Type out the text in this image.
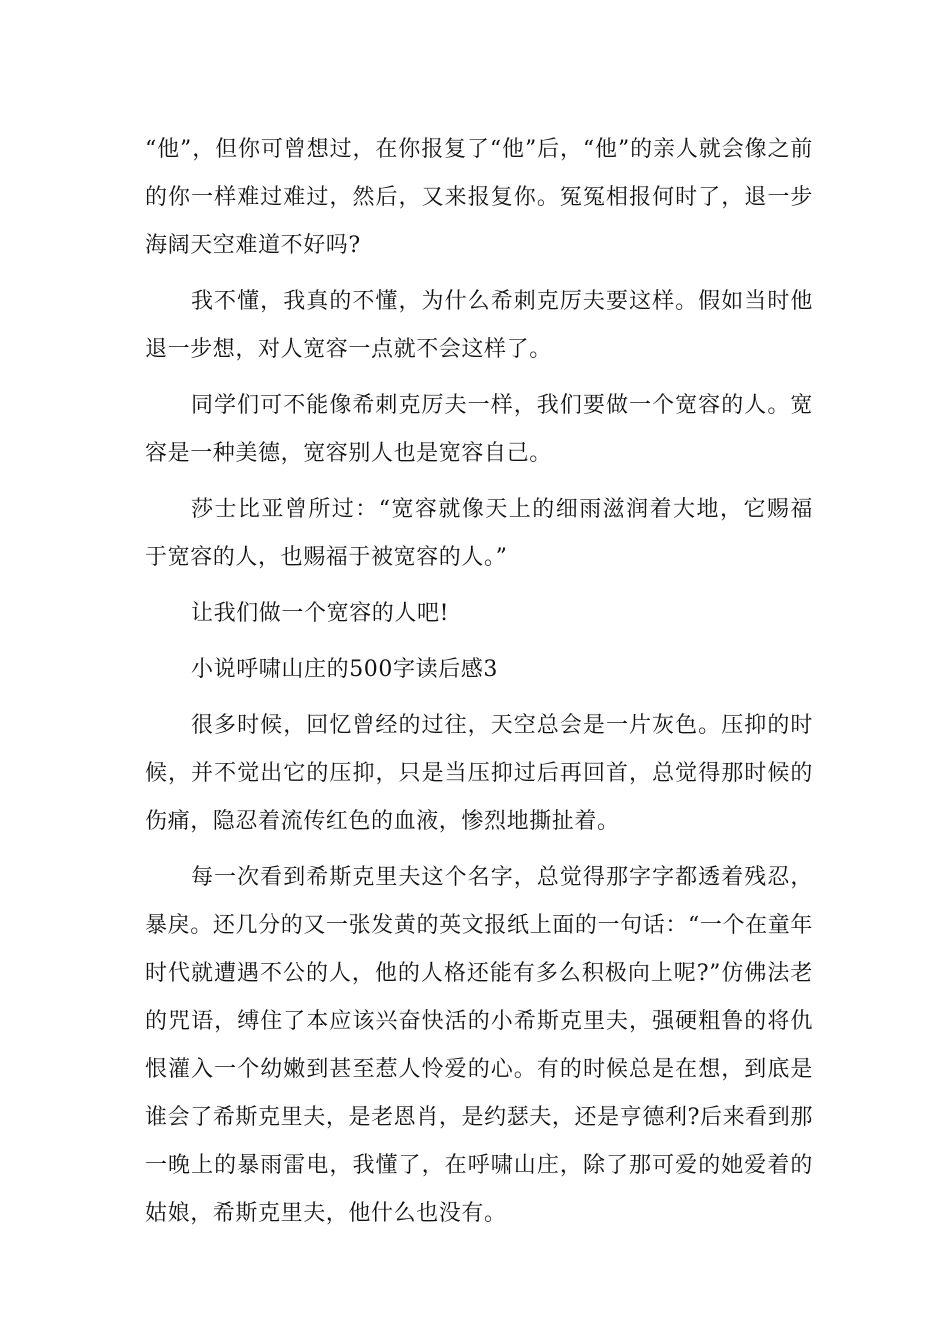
“他”，但你可曾想过，在你报复了“他”后，“他”的亲人就会像之前的你一样难过难过，然后，又来报复你。冤冤相报何时了，退一步海阔天空难道不好吗?

我不懂，我真的不懂，为什么希刺克厉夫要这样。假如当时他退一步想，对人宽容一点就不会这样了。

同学们可不能像希刺克厉夫一样，我们要做一个宽容的人。宽容是一种美德，宽容别人也是宽容自己。

莎士比亚曾所过：“宽容就像天上的细雨滋润着大地，它赐福于宽容的人，也赐福于被宽容的人。”

让我们做一个宽容的人吧!

小说呼啸山庄的500字读后感3

很多时候，回忆曾经的过往，天空总会是一片灰色。压抑的时候，并不觉出它的压抑，只是当压抑过后再回首，总觉得那时候的伤痛，隐忍着流传红色的血液，惨烈地撕扯着。

每一次看到希斯克里夫这个名字，总觉得那字字都透着残忍，暴戾。还几分的又一张发黄的英文报纸上面的一句话：“一个在童年时代就遭遇不公的人，他的人格还能有多么积极向上呢?”仿佛法老的咒语，缚住了本应该兴奋快活的小希斯克里夫，强硬粗鲁的将仇恨灌入一个幼嫩到甚至惹人怜爱的心。有的时候总是在想，到底是谁会了希斯克里夫，是老恩肖，是约瑟夫，还是亨德利?后来看到那一晚上的暴雨雷电，我懂了，在呼啸山庄，除了那可爱的她爱着的姑娘，希斯克里夫，他什么也没有。
